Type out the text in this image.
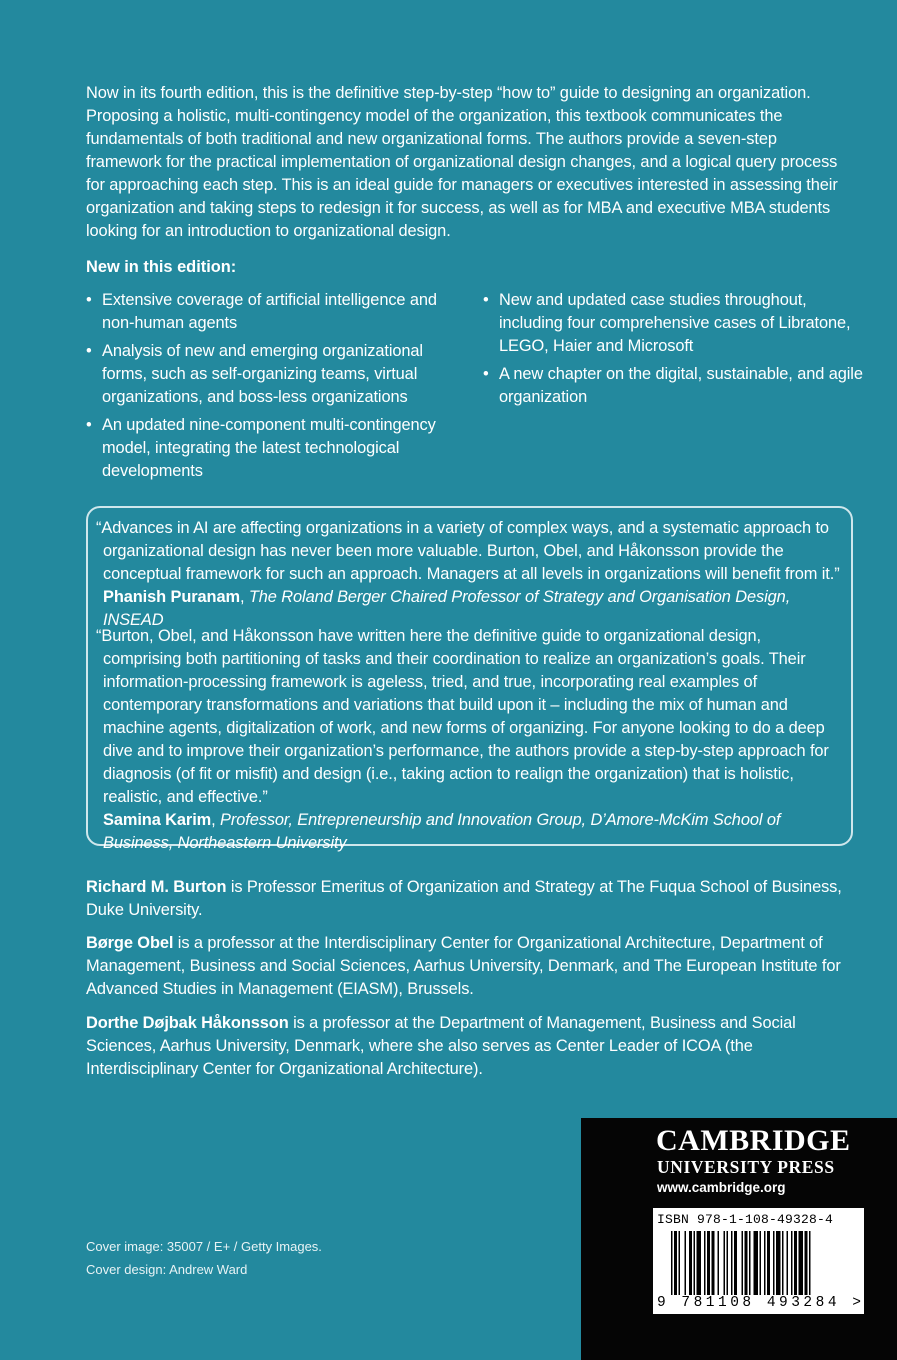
Now in its fourth edition, this is the definitive step-by-step “how to” guide to designing an organization. Proposing a holistic, multi-contingency model of the organization, this textbook communicates the fundamentals of both traditional and new organizational forms. The authors provide a seven-step framework for the practical implementation of organizational design changes, and a logical query process for approaching each step. This is an ideal guide for managers or executives interested in assessing their organization and taking steps to redesign it for success, as well as for MBA and executive MBA students looking for an introduction to organizational design.

New in this edition:

• Extensive coverage of artificial intelligence and non-human agents
• Analysis of new and emerging organizational forms, such as self-organizing teams, virtual organizations, and boss-less organizations
• An updated nine-component multi-contingency model, integrating the latest technological developments
• New and updated case studies throughout, including four comprehensive cases of Libratone, LEGO, Haier and Microsoft
• A new chapter on the digital, sustainable, and agile organization

“Advances in AI are affecting organizations in a variety of complex ways, and a systematic approach to organizational design has never been more valuable. Burton, Obel, and Håkonsson provide the conceptual framework for such an approach. Managers at all levels in organizations will benefit from it.”
Phanish Puranam, The Roland Berger Chaired Professor of Strategy and Organisation Design, INSEAD

“Burton, Obel, and Håkonsson have written here the definitive guide to organizational design, comprising both partitioning of tasks and their coordination to realize an organization’s goals. Their information-processing framework is ageless, tried, and true, incorporating real examples of contemporary transformations and variations that build upon it – including the mix of human and machine agents, digitalization of work, and new forms of organizing. For anyone looking to do a deep dive and to improve their organization’s performance, the authors provide a step-by-step approach for diagnosis (of fit or misfit) and design (i.e., taking action to realign the organization) that is holistic, realistic, and effective.”
Samina Karim, Professor, Entrepreneurship and Innovation Group, D’Amore-McKim School of Business, Northeastern University

Richard M. Burton is Professor Emeritus of Organization and Strategy at The Fuqua School of Business, Duke University.

Børge Obel is a professor at the Interdisciplinary Center for Organizational Architecture, Department of Management, Business and Social Sciences, Aarhus University, Denmark, and The European Institute for Advanced Studies in Management (EIASM), Brussels.

Dorthe Døjbak Håkonsson is a professor at the Department of Management, Business and Social Sciences, Aarhus University, Denmark, where she also serves as Center Leader of ICOA (the Interdisciplinary Center for Organizational Architecture).

Cover image: 35007 / E+ / Getty Images.
Cover design: Andrew Ward

CAMBRIDGE

UNIVERSITY PRESS

www.cambridge.org

ISBN 978-1-108-49328-4

9 781108 493284 >
